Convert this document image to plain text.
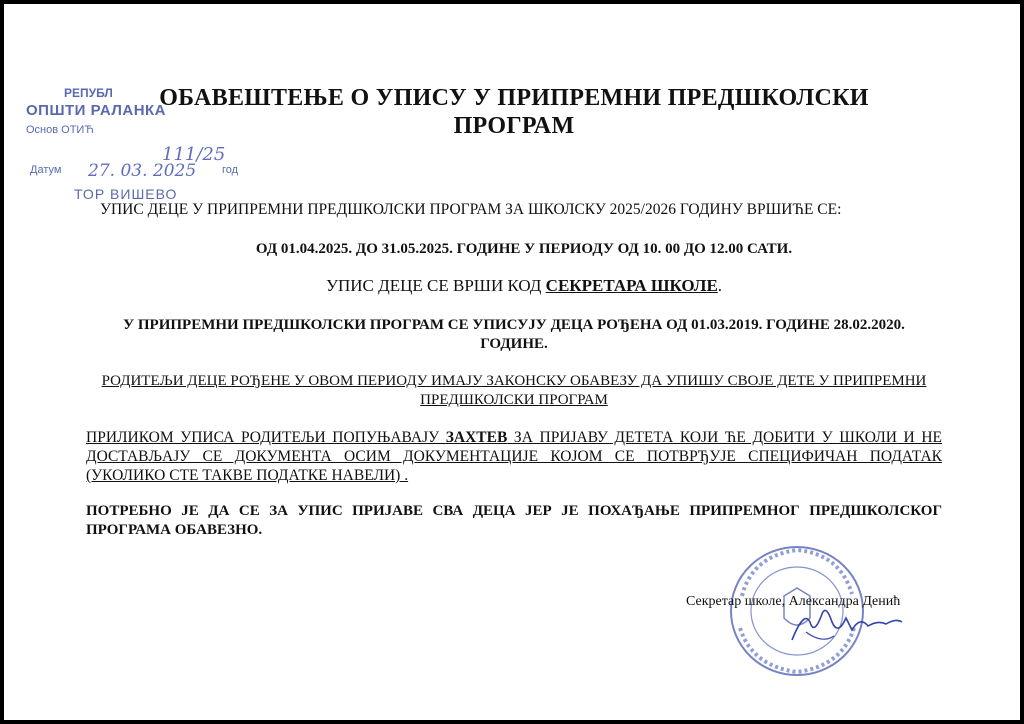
РЕПУБЛ
ОПШТИ РАЛАНКА
Основ ОТИЋ
111/25
Датум 27. 03. 2025 год
ТОР ВИШЕВО
ОБАВЕШТЕЊЕ О УПИСУ У ПРИПРЕМНИ ПРЕДШКОЛСКИ ПРОГРАМ
УПИС ДЕЦЕ У ПРИПРЕМНИ ПРЕДШКОЛСКИ ПРОГРАМ ЗА ШКОЛСКУ 2025/2026 ГОДИНУ ВРШИЋЕ СЕ:
ОД 01.04.2025. ДО 31.05.2025. ГОДИНЕ У ПЕРИОДУ ОД 10. 00 ДО 12.00 САТИ.
УПИС ДЕЦЕ СЕ ВРШИ КОД СЕКРЕТАРА ШКОЛЕ.
У ПРИПРЕМНИ ПРЕДШКОЛСКИ ПРОГРАМ СЕ УПИСУЈУ ДЕЦА РОЂЕНА ОД 01.03.2019. ГОДИНЕ 28.02.2020. ГОДИНЕ.
РОДИТЕЉИ ДЕЦЕ РОЂЕНЕ У ОВОМ ПЕРИОДУ ИМАЈУ ЗАКОНСКУ ОБАВЕЗУ ДА УПИШУ СВОЈЕ ДЕТЕ У ПРИПРЕМНИ ПРЕДШКОЛСКИ ПРОГРАМ
ПРИЛИКОМ УПИСА РОДИТЕЉИ ПОПУЊАВАЈУ ЗАХТЕВ ЗА ПРИЈАВУ ДЕТЕТА КОЈИ ЋЕ ДОБИТИ У ШКОЛИ И НЕ ДОСТАВЉАЈУ СЕ ДОКУМЕНТА ОСИМ ДОКУМЕНТАЦИЈЕ КОЈОМ СЕ ПОТВРЂУЈЕ СПЕЦИФИЧАН ПОДАТАК (УКОЛИКО СТЕ ТАКВЕ ПОДАТКЕ НАВЕЛИ) .
ПОТРЕБНО ЈЕ ДА СЕ ЗА УПИС ПРИЈАВЕ СВА ДЕЦА ЈЕР ЈЕ ПОХАЂАЊЕ ПРИПРЕМНОГ ПРЕДШКОЛСКОГ ПРОГРАМА ОБАВЕЗНО.
Секретар школе, Александра Денић
